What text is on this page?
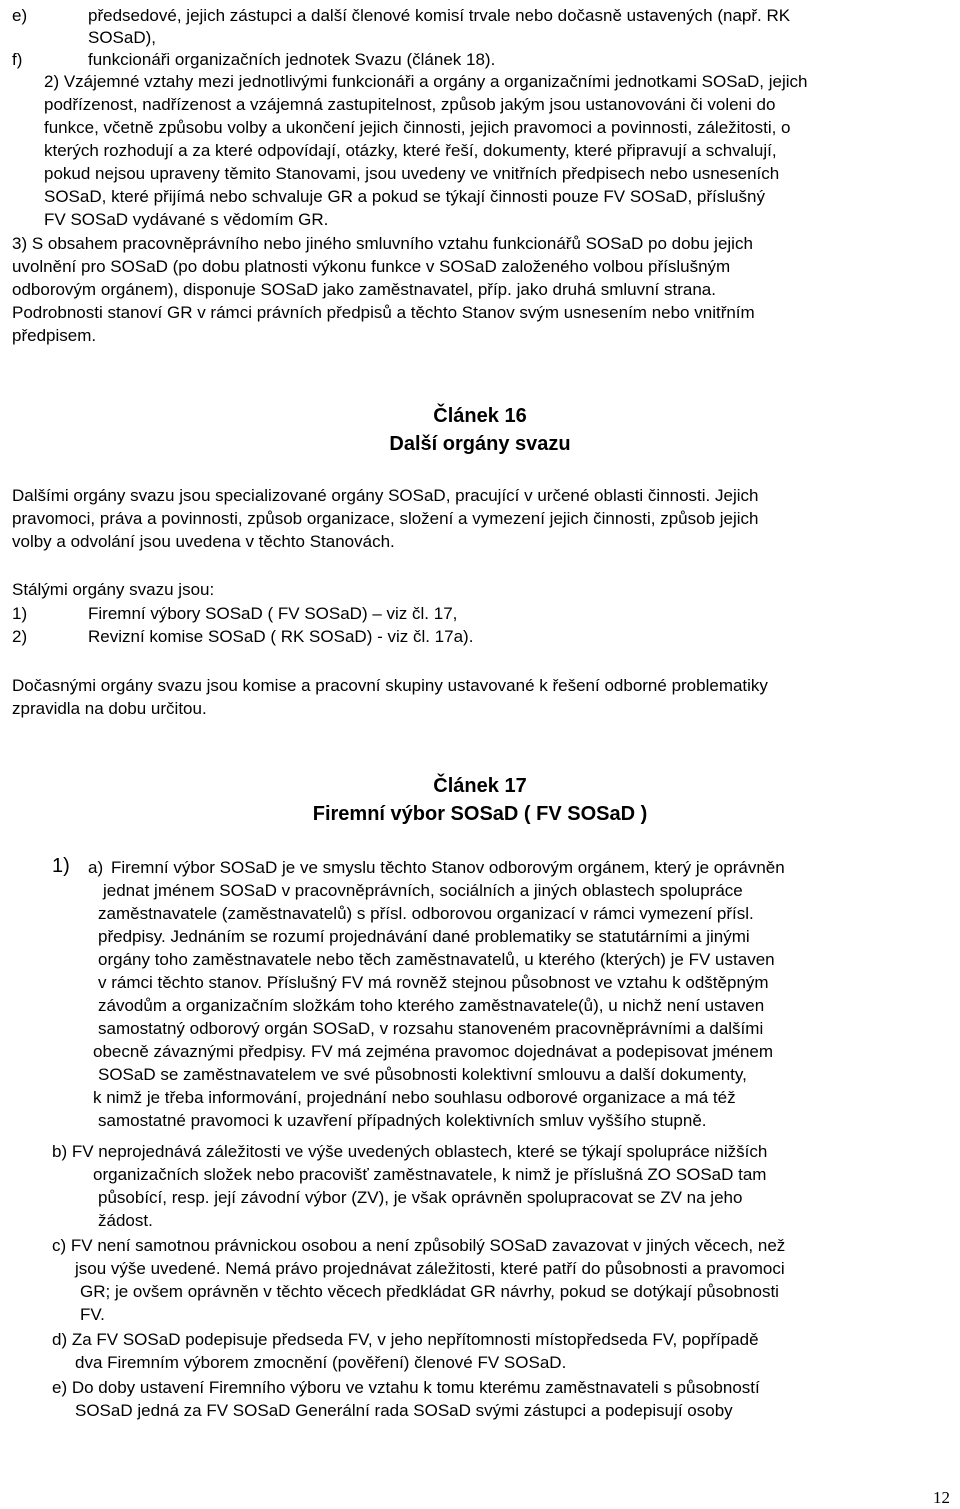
e)	předsedové, jejich zástupci a další členové komisí trvale nebo dočasně ustavených (např. RK
SOSaD),
f)	funkcionáři organizačních jednotek Svazu (článek 18).
2) Vzájemné vztahy mezi jednotlivými funkcionáři a orgány a organizačními jednotkami SOSaD, jejich
podřízenost, nadřízenost a vzájemná zastupitelnost, způsob jakým jsou ustanovováni či voleni do
funkce, včetně způsobu volby a ukončení jejich činnosti, jejich pravomoci a povinnosti, záležitosti, o
kterých rozhodují a za které odpovídají, otázky, které řeší, dokumenty, které připravují a schvalují,
pokud nejsou upraveny těmito Stanovami, jsou uvedeny ve vnitřních předpisech nebo usneseních
SOSaD, které přijímá nebo schvaluje GR a pokud se týkají činnosti pouze FV SOSaD, příslušný
FV SOSaD vydávané s vědomím GR.
3) S obsahem pracovněprávního nebo jiného smluvního vztahu funkcionářů SOSaD po dobu jejich
uvolnění pro SOSaD (po dobu platnosti výkonu funkce v SOSaD založeného volbou příslušným
odborovým orgánem), disponuje SOSaD jako zaměstnavatel, příp. jako druhá smluvní strana.
Podrobnosti stanoví GR v rámci právních předpisů a těchto Stanov svým usnesením nebo vnitřním
předpisem.
Článek 16
Další orgány svazu
Dalšími orgány svazu jsou specializované orgány SOSaD, pracující v určené oblasti činnosti. Jejich
pravomoci, práva a povinnosti, způsob organizace, složení a vymezení jejich činnosti, způsob jejich
volby a odvolání jsou uvedena v těchto Stanovách.
Stálými orgány svazu jsou:
1)	Firemní výbory SOSaD ( FV SOSaD) – viz čl. 17,
2)	Revizní komise SOSaD ( RK SOSaD) - viz čl. 17a).
Dočasnými orgány svazu jsou komise a pracovní skupiny ustavované k řešení odborné problematiky
zpravidla na dobu určitou.
Článek 17
Firemní výbor SOSaD ( FV SOSaD )
1) a) Firemní výbor SOSaD je ve smyslu těchto Stanov odborovým orgánem, který je oprávněn
jednat jménem SOSaD v pracovněprávních, sociálních a jiných oblastech spolupráce
zaměstnavatele (zaměstnavatelů) s přísl. odborovou organizací v rámci vymezení přísl.
předpisy. Jednáním se rozumí projednávání dané problematiky se statutárními a jinými
orgány toho zaměstnavatele nebo těch zaměstnavatelů, u kterého (kterých) je FV ustaven
v rámci těchto stanov. Příslušný FV má rovněž stejnou působnost ve vztahu k odštěpným
závodům a organizačním složkám toho kterého zaměstnavatele(ů), u nichž není ustaven
samostatný odborový orgán SOSaD, v rozsahu stanoveném pracovněprávními a dalšími
obecně závaznými předpisy. FV má zejména pravomoc dojednávat a podepisovat jménem
SOSaD se zaměstnavatelem ve své působnosti kolektivní smlouvu a další dokumenty,
k nimž je třeba informování, projednání nebo souhlasu odborové organizace a má též
samostatné pravomoci k uzavření případných kolektivních smluv vyššího stupně.
b) FV neprojednává záležitosti ve výše uvedených oblastech, které se týkají spolupráce nižších
organizačních složek nebo pracovišť zaměstnavatele, k nimž je příslušná ZO SOSaD tam
působící, resp. její závodní výbor (ZV), je však oprávněn spolupracovat se ZV na jeho
žádost.
c) FV není samotnou právnickou osobou a není způsobilý SOSaD zavazovat v jiných věcech, než
jsou výše uvedené. Nemá právo projednávat záležitosti, které patří do působnosti a pravomoci
GR; je ovšem oprávněn v těchto věcech předkládat GR návrhy, pokud se dotýkají působnosti
FV.
d) Za FV SOSaD podepisuje předseda FV, v jeho nepřítomnosti místopředseda FV, popřípadě
dva Firemním výborem zmocnění (pověření) členové FV SOSaD.
e) Do doby ustavení Firemního výboru ve vztahu k tomu kterému zaměstnavateli s působností
SOSaD jedná za FV SOSaD Generální rada SOSaD svými zástupci a podepisují osoby
12
